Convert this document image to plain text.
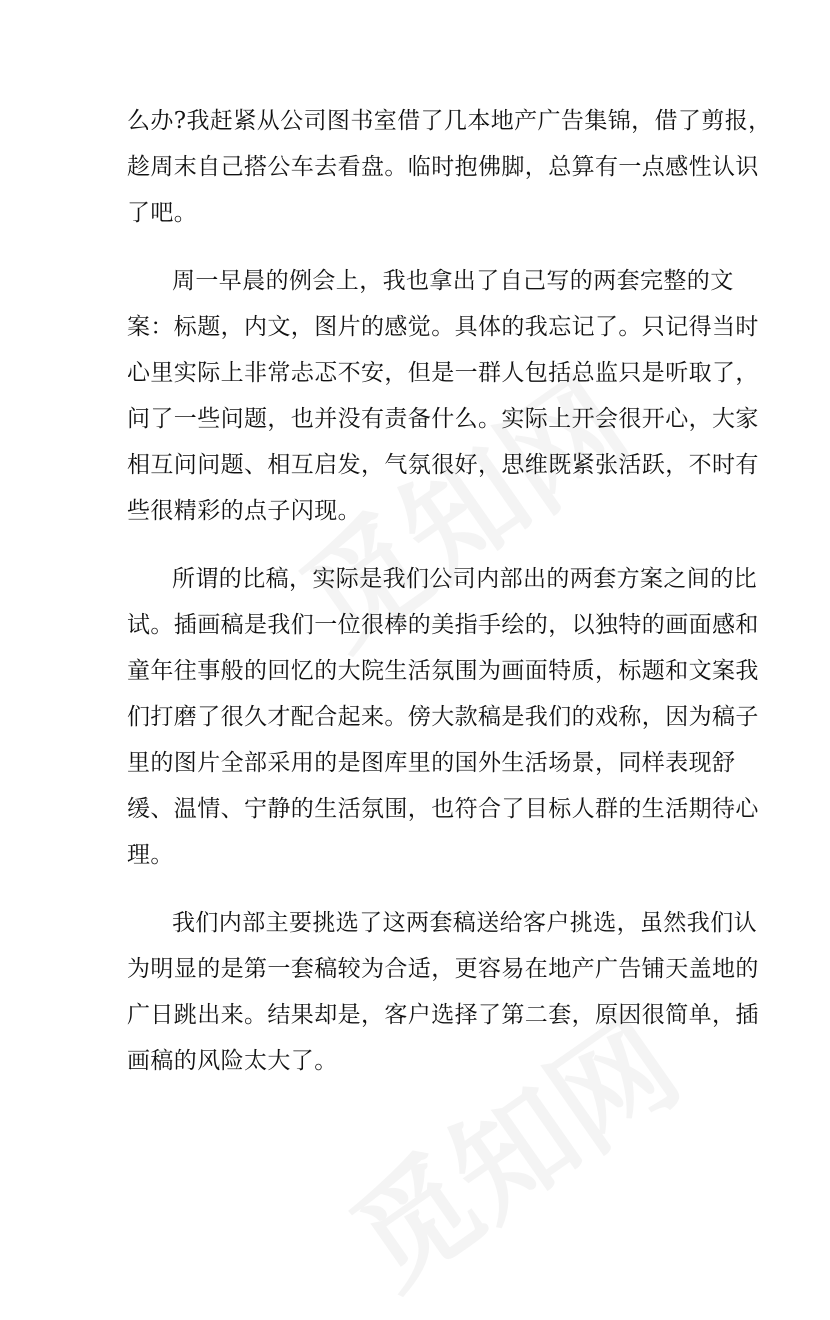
么办?我赶紧从公司图书室借了几本地产广告集锦，借了剪报，
趁周末自己搭公车去看盘。临时抱佛脚，总算有一点感性认识
了吧。
周一早晨的例会上，我也拿出了自己写的两套完整的文
案：标题，内文，图片的感觉。具体的我忘记了。只记得当时
心里实际上非常忐忑不安，但是一群人包括总监只是听取了，
问了一些问题，也并没有责备什么。实际上开会很开心，大家
相互问问题、相互启发，气氛很好，思维既紧张活跃，不时有
些很精彩的点子闪现。
所谓的比稿，实际是我们公司内部出的两套方案之间的比
试。插画稿是我们一位很棒的美指手绘的，以独特的画面感和
童年往事般的回忆的大院生活氛围为画面特质，标题和文案我
们打磨了很久才配合起来。傍大款稿是我们的戏称，因为稿子
里的图片全部采用的是图库里的国外生活场景，同样表现舒
缓、温情、宁静的生活氛围，也符合了目标人群的生活期待心
理。
我们内部主要挑选了这两套稿送给客户挑选，虽然我们认
为明显的是第一套稿较为合适，更容易在地产广告铺天盖地的
广日跳出来。结果却是，客户选择了第二套，原因很简单，插
画稿的风险太大了。
